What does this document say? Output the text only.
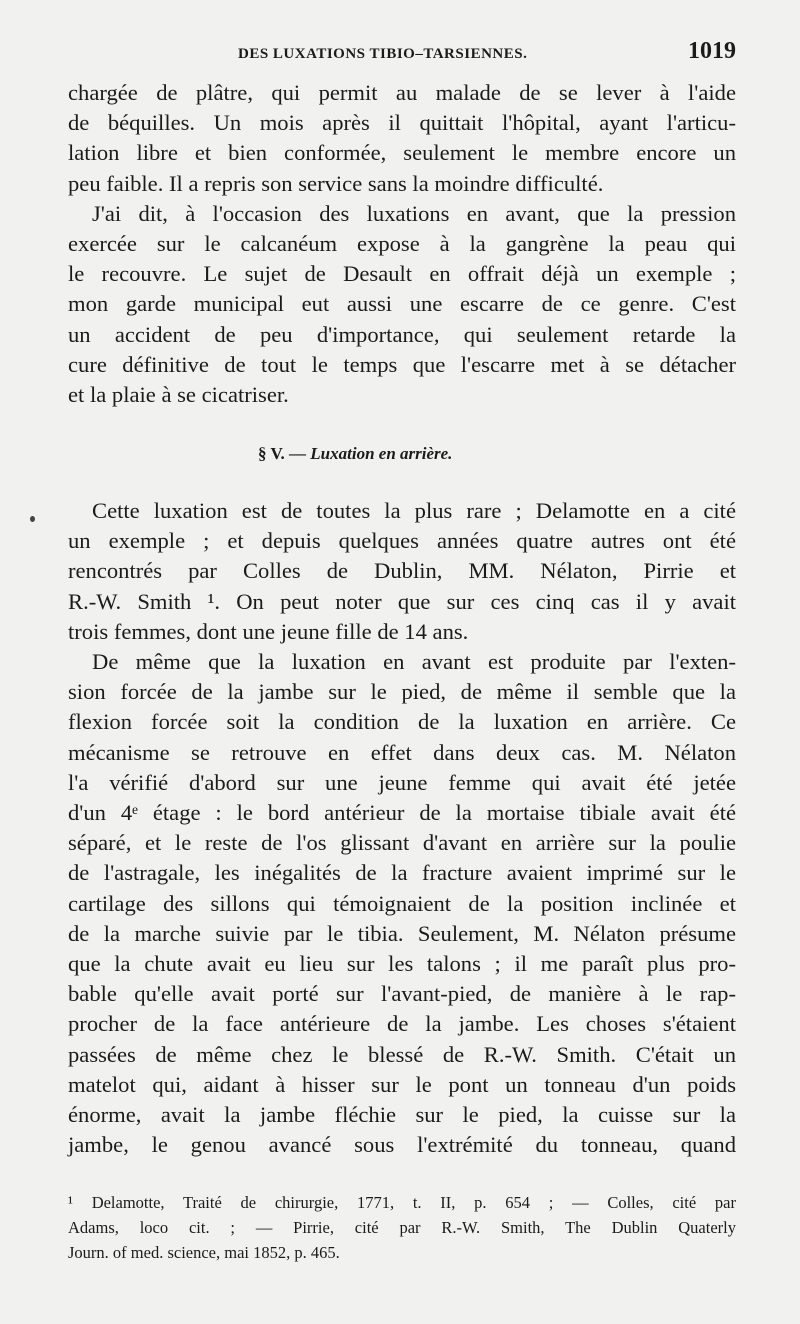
DES LUXATIONS TIBIO–TARSIENNES.	1019
chargée de plâtre, qui permit au malade de se lever à l'aide
de béquilles. Un mois après il quittait l'hôpital, ayant l'articu-
lation libre et bien conformée, seulement le membre encore un
peu faible. Il a repris son service sans la moindre difficulté.
J'ai dit, à l'occasion des luxations en avant, que la pression
exercée sur le calcanéum expose à la gangrène la peau qui
le recouvre. Le sujet de Desault en offrait déjà un exemple ;
mon garde municipal eut aussi une escarre de ce genre. C'est
un accident de peu d'importance, qui seulement retarde la
cure définitive de tout le temps que l'escarre met à se détacher
et la plaie à se cicatriser.
§ V. — Luxation en arrière.
Cette luxation est de toutes la plus rare ; Delamotte en a cité
un exemple ; et depuis quelques années quatre autres ont été
rencontrés par Colles de Dublin, MM. Nélaton, Pirrie et
R.-W. Smith ¹. On peut noter que sur ces cinq cas il y avait
trois femmes, dont une jeune fille de 14 ans.
De même que la luxation en avant est produite par l'exten-
sion forcée de la jambe sur le pied, de même il semble que la
flexion forcée soit la condition de la luxation en arrière. Ce
mécanisme se retrouve en effet dans deux cas. M. Nélaton
l'a vérifié d'abord sur une jeune femme qui avait été jetée
d'un 4ᵉ étage : le bord antérieur de la mortaise tibiale avait été
séparé, et le reste de l'os glissant d'avant en arrière sur la poulie
de l'astragale, les inégalités de la fracture avaient imprimé sur le
cartilage des sillons qui témoignaient de la position inclinée et
de la marche suivie par le tibia. Seulement, M. Nélaton présume
que la chute avait eu lieu sur les talons ; il me paraît plus pro-
bable qu'elle avait porté sur l'avant-pied, de manière à le rap-
procher de la face antérieure de la jambe. Les choses s'étaient
passées de même chez le blessé de R.-W. Smith. C'était un
matelot qui, aidant à hisser sur le pont un tonneau d'un poids
énorme, avait la jambe fléchie sur le pied, la cuisse sur la
jambe, le genou avancé sous l'extrémité du tonneau, quand
¹ Delamotte, Traité de chirurgie, 1771, t. II, p. 654 ; — Colles, cité par
Adams, loco cit. ; — Pirrie, cité par R.-W. Smith, The Dublin Quaterly
Journ. of med. science, mai 1852, p. 465.
